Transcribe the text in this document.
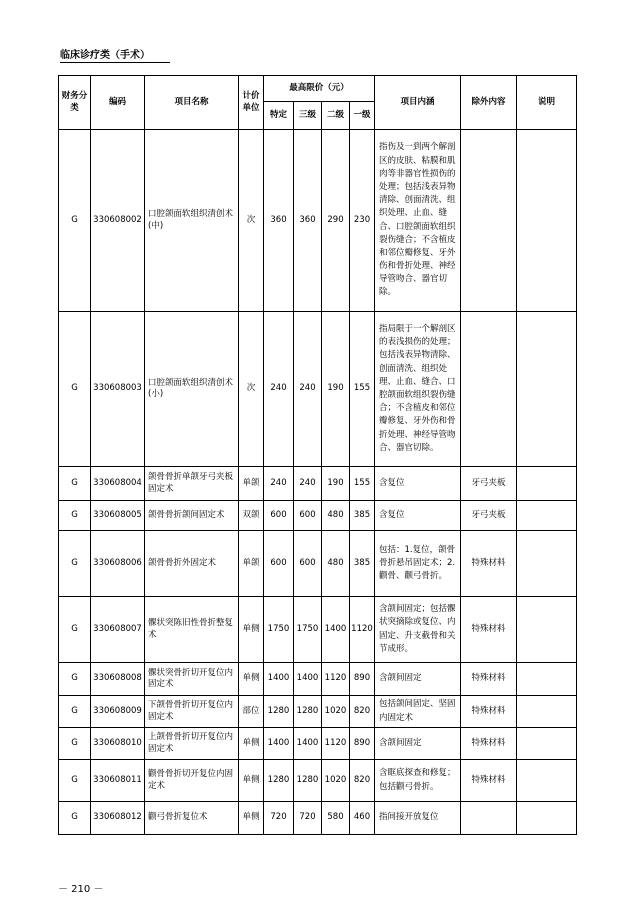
临床诊疗类（手术）
财务分类	编码	项目名称	计价单位	最高限价（元）				项目内涵	除外内容	说明
				特定	三级	二级	一级			
G	330608002	口腔颌面软组织清创术(中)	次	360	360	290	230	指伤及一到两个解剖区的皮肤、粘膜和肌肉等非器官性损伤的处理；包括浅表异物清除、创面清洗、组织处理、止血、缝合、口腔颌面软组织裂伤缝合；不含植皮和邻位瓣修复、牙外伤和骨折处理、神经导管吻合、器官切除。		
G	330608003	口腔颌面软组织清创术(小)	次	240	240	190	155	指局限于一个解剖区的表浅损伤的处理；包括浅表异物清除、创面清洗、组织处理、止血、缝合、口腔颌面软组织裂伤缝合；不含植皮和邻位瓣修复、牙外伤和骨折处理、神经导管吻合、器官切除。		
G	330608004	颌骨骨折单颌牙弓夹板固定术	单颌	240	240	190	155	含复位	牙弓夹板	
G	330608005	颌骨骨折颌间固定术	双颌	600	600	480	385	含复位	牙弓夹板	
G	330608006	颌骨骨折外固定术	单颌	600	600	480	385	包括：1.复位，颌骨骨折悬吊固定术；2.颧骨、颧弓骨折。	特殊材料	
G	330608007	髁状突陈旧性骨折整复术	单侧	1750	1750	1400	1120	含颌间固定；包括髁状突摘除或复位、内固定、升支截骨和关节成形。	特殊材料	
G	330608008	髁状突骨折切开复位内固定术	单侧	1400	1400	1120	890	含颌间固定	特殊材料	
G	330608009	下颌骨骨折切开复位内固定术	部位	1280	1280	1020	820	包括颌间固定、坚固内固定术	特殊材料	
G	330608010	上颌骨骨折切开复位内固定术	单侧	1400	1400	1120	890	含颌间固定	特殊材料	
G	330608011	颧骨骨折切开复位内固定术	单侧	1280	1280	1020	820	含眶底探查和修复；包括颧弓骨折。	特殊材料	
G	330608012	颧弓骨折复位术	单侧	720	720	580	460	指间接开放复位		
－ 210 －
